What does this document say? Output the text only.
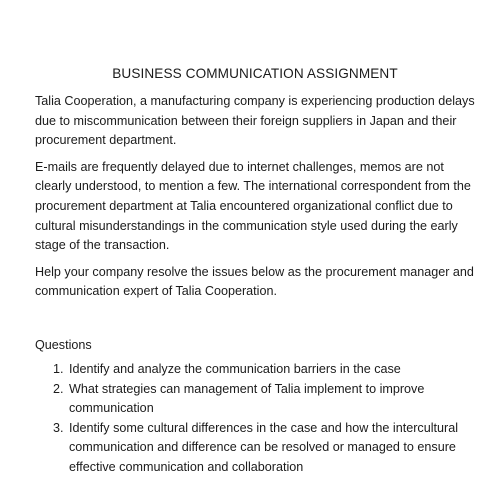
BUSINESS COMMUNICATION ASSIGNMENT

Talia Cooperation, a manufacturing company is experiencing production delays due to miscommunication between their foreign suppliers in Japan and their procurement department.

E-mails are frequently delayed due to internet challenges, memos are not clearly understood, to mention a few. The international correspondent from the procurement department at Talia encountered organizational conflict due to cultural misunderstandings in the communication style used during the early stage of the transaction.

Help your company resolve the issues below as the procurement manager and communication expert of Talia Cooperation.

Questions
1. Identify and analyze the communication barriers in the case
2. What strategies can management of Talia implement to improve communication
3. Identify some cultural differences in the case and how the intercultural communication and difference can be resolved or managed to ensure effective communication and collaboration
